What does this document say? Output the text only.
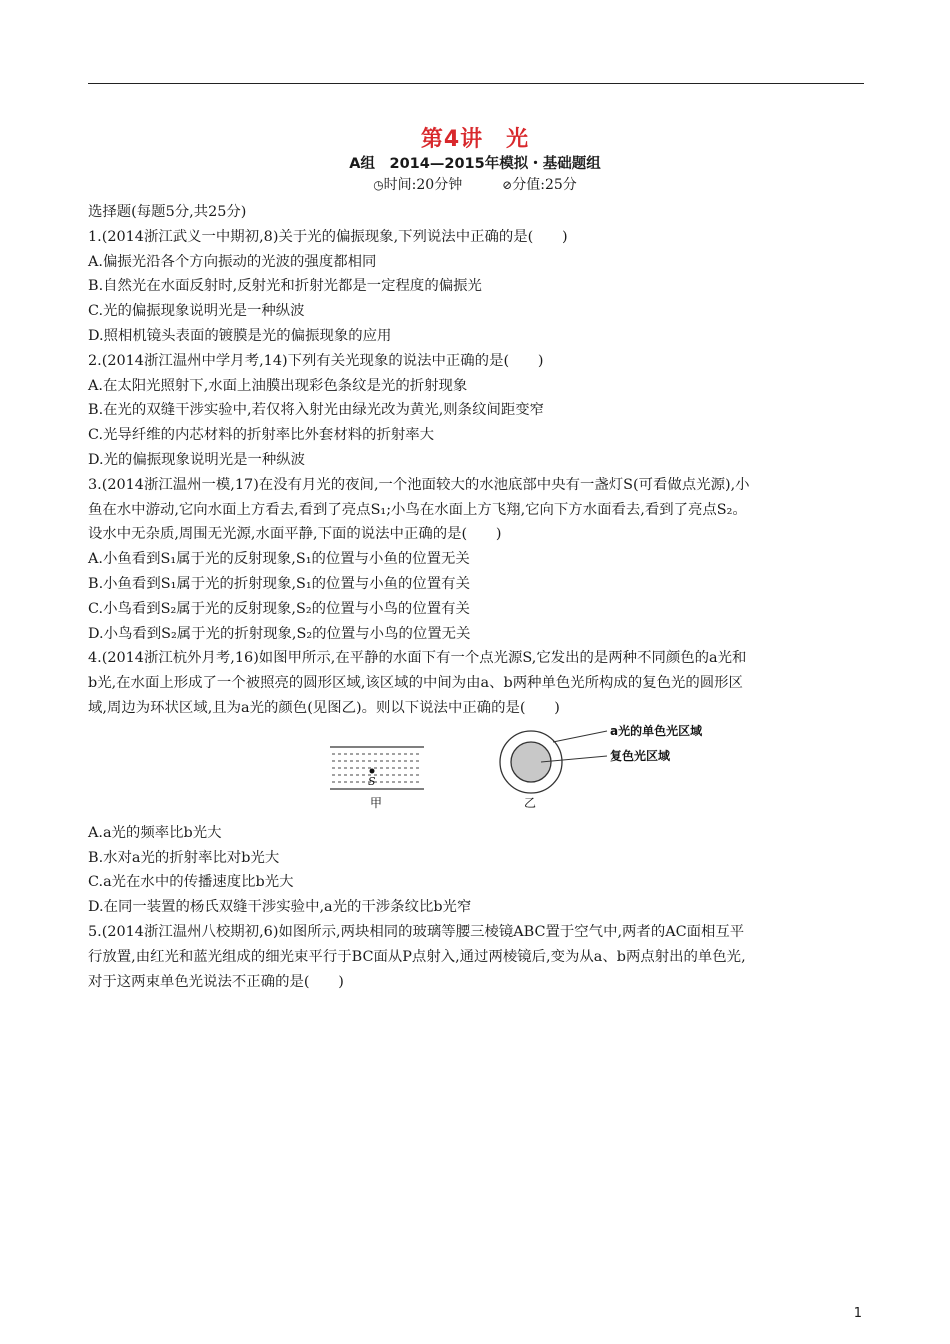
第4讲　光
A组　2014—2015年模拟・基础题组
◷时间:20分钟	⊘分值:25分

选择题(每题5分,共25分)

1.(2014浙江武义一中期初,8)关于光的偏振现象,下列说法中正确的是(　　)

A.偏振光沿各个方向振动的光波的强度都相同

B.自然光在水面反射时,反射光和折射光都是一定程度的偏振光

C.光的偏振现象说明光是一种纵波

D.照相机镜头表面的镀膜是光的偏振现象的应用

2.(2014浙江温州中学月考,14)下列有关光现象的说法中正确的是(　　)

A.在太阳光照射下,水面上油膜出现彩色条纹是光的折射现象

B.在光的双缝干涉实验中,若仅将入射光由绿光改为黄光,则条纹间距变窄

C.光导纤维的内芯材料的折射率比外套材料的折射率大

D.光的偏振现象说明光是一种纵波

3.(2014浙江温州一模,17)在没有月光的夜间,一个池面较大的水池底部中央有一盏灯S(可看做点光源),小

鱼在水中游动,它向水面上方看去,看到了亮点S₁;小鸟在水面上方飞翔,它向下方水面看去,看到了亮点S₂。

设水中无杂质,周围无光源,水面平静,下面的说法中正确的是(　　)

A.小鱼看到S₁属于光的反射现象,S₁的位置与小鱼的位置无关

B.小鱼看到S₁属于光的折射现象,S₁的位置与小鱼的位置有关

C.小鸟看到S₂属于光的反射现象,S₂的位置与小鸟的位置有关

D.小鸟看到S₂属于光的折射现象,S₂的位置与小鸟的位置无关

4.(2014浙江杭外月考,16)如图甲所示,在平静的水面下有一个点光源S,它发出的是两种不同颜色的a光和

b光,在水面上形成了一个被照亮的圆形区域,该区域的中间为由a、b两种单色光所构成的复色光的圆形区

域,周边为环状区域,且为a光的颜色(见图乙)。则以下说法中正确的是(　　)

S
甲
a光的单色光区域
复色光区域
乙

A.a光的频率比b光大

B.水对a光的折射率比对b光大

C.a光在水中的传播速度比b光大

D.在同一装置的杨氏双缝干涉实验中,a光的干涉条纹比b光窄

5.(2014浙江温州八校期初,6)如图所示,两块相同的玻璃等腰三棱镜ABC置于空气中,两者的AC面相互平

行放置,由红光和蓝光组成的细光束平行于BC面从P点射入,通过两棱镜后,变为从a、b两点射出的单色光,

对于这两束单色光说法不正确的是(　　)

1
